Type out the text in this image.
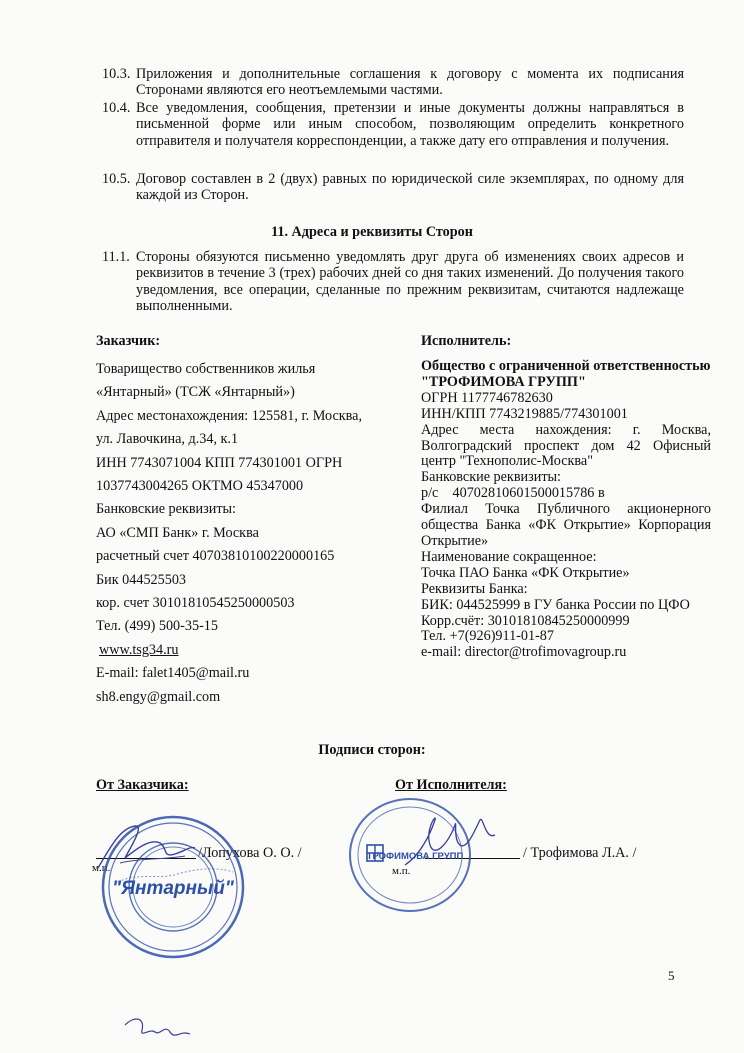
10.3. Приложения и дополнительные соглашения к договору с момента их подписания Сторонами являются его неотъемлемыми частями.
10.4. Все уведомления, сообщения, претензии и иные документы должны направляться в письменной форме или иным способом, позволяющим определить конкретного отправителя и получателя корреспонденции, а также дату его отправления и получения.
10.5. Договор составлен в 2 (двух) равных по юридической силе экземплярах, по одному для каждой из Сторон.
11. Адреса и реквизиты Сторон
11.1. Стороны обязуются письменно уведомлять друг друга об изменениях своих адресов и реквизитов в течение 3 (трех) рабочих дней со дня таких изменений. До получения такого уведомления, все операции, сделанные по прежним реквизитам, считаются надлежаще выполненными.
Заказчик:
Товарищество собственников жилья
«Янтарный» (ТСЖ «Янтарный»)
Адрес местонахождения: 125581, г. Москва,
ул. Лавочкина, д.34, к.1
ИНН 7743071004 КПП 774301001 ОГРН
1037743004265 ОКТМО 45347000
Банковские реквизиты:
АО «СМП Банк» г. Москва
расчетный счет 40703810100220000165
Бик 044525503
кор. счет 30101810545250000503
Тел. (499) 500-35-15
www.tsg34.ru
E-mail: falet1405@mail.ru
sh8.engy@gmail.com
Исполнитель:
Общество с ограниченной ответственностью "ТРОФИМОВА ГРУПП"
ОГРН 1177746782630
ИНН/КПП 7743219885/774301001
Адрес места нахождения: г. Москва, Волгоградский проспект дом 42 Офисный центр "Технополис-Москва"
Банковские реквизиты:
р/с    40702810601500015786 в
Филиал Точка Публичного акционерного общества Банка «ФК Открытие» Корпорация Открытие»
Наименование сокращенное:
Точка ПАО Банка «ФК Открытие»
Реквизиты Банка:
БИК: 044525999 в ГУ банка России по ЦФО
Корр.счёт: 30101810845250000999
Тел. +7(926)911-01-87
e-mail: director@trofimovagroup.ru
Подписи сторон:
От Заказчика:	От Исполнителя:
/Лопухова О. О. /
м.п.
/ Трофимова Л.А. /
м.п.
"Янтарный"
ТРОФИМОВА ГРУПП
5
